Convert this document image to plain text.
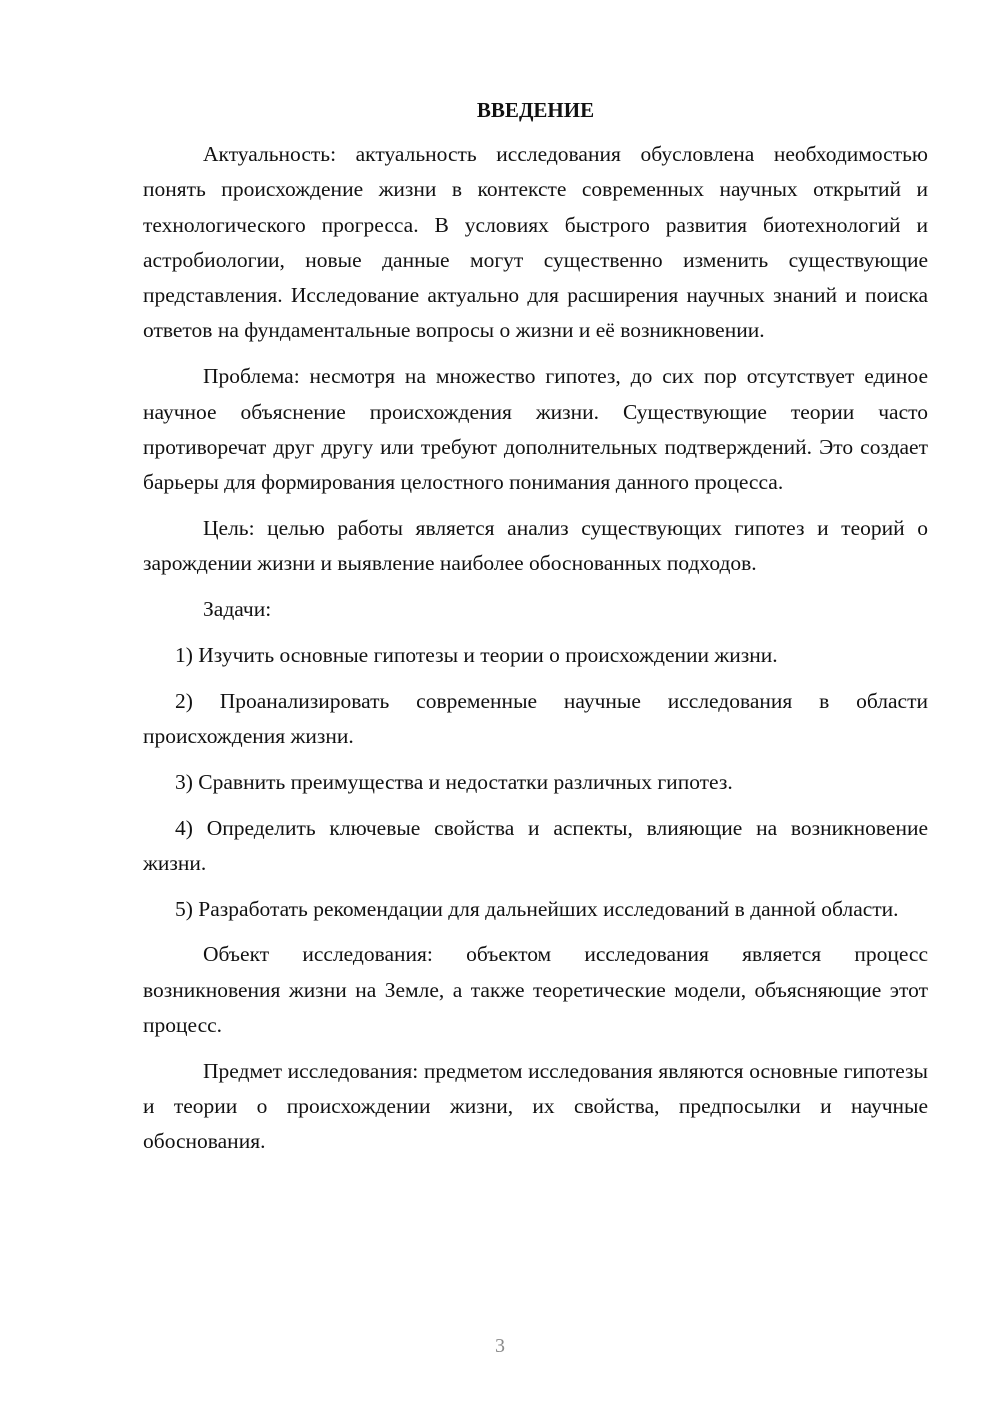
ВВЕДЕНИЕ

Актуальность: актуальность исследования обусловлена необходимостью понять происхождение жизни в контексте современных научных открытий и технологического прогресса. В условиях быстрого развития биотехнологий и астробиологии, новые данные могут существенно изменить существующие представления. Исследование актуально для расширения научных знаний и поиска ответов на фундаментальные вопросы о жизни и её возникновении.

Проблема: несмотря на множество гипотез, до сих пор отсутствует единое научное объяснение происхождения жизни. Существующие теории часто противоречат друг другу или требуют дополнительных подтверждений. Это создает барьеры для формирования целостного понимания данного процесса.

Цель: целью работы является анализ существующих гипотез и теорий о зарождении жизни и выявление наиболее обоснованных подходов.

Задачи:

1) Изучить основные гипотезы и теории о происхождении жизни.

2) Проанализировать современные научные исследования в области происхождения жизни.

3) Сравнить преимущества и недостатки различных гипотез.

4) Определить ключевые свойства и аспекты, влияющие на возникновение жизни.

5) Разработать рекомендации для дальнейших исследований в данной области.

Объект исследования: объектом исследования является процесс возникновения жизни на Земле, а также теоретические модели, объясняющие этот процесс.

Предмет исследования: предметом исследования являются основные гипотезы и теории о происхождении жизни, их свойства, предпосылки и научные обоснования.

3
